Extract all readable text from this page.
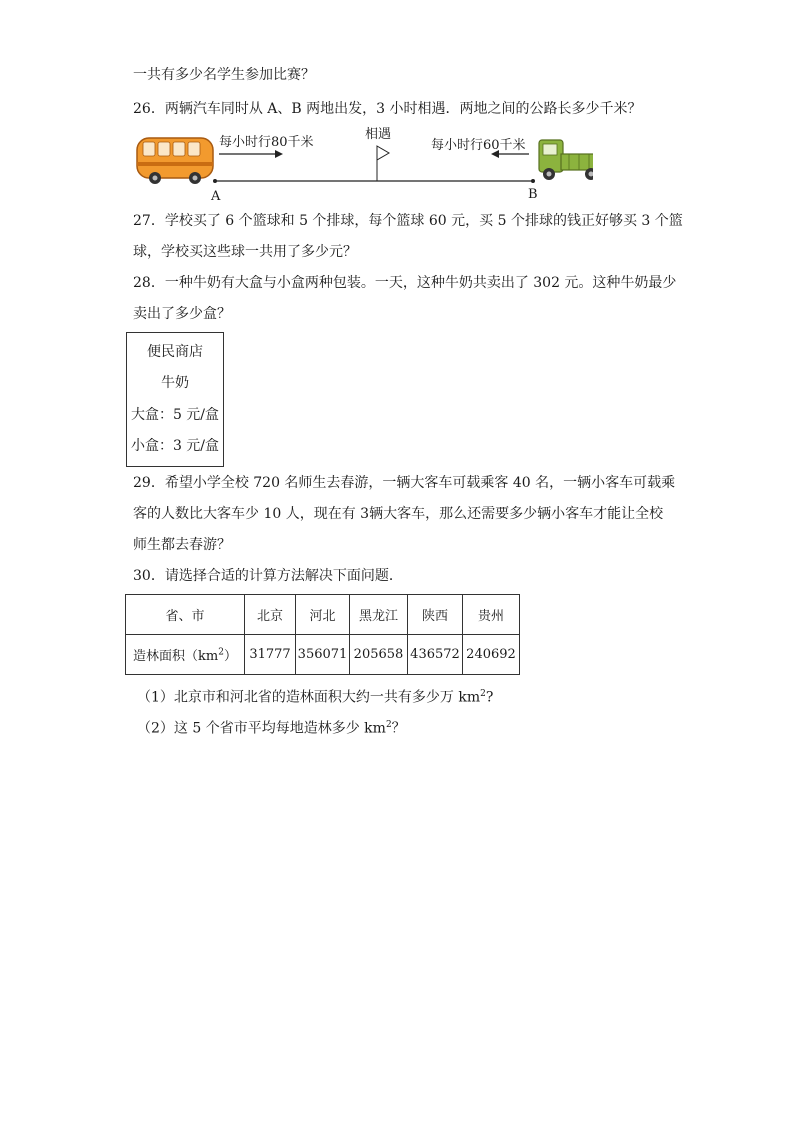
一共有多少名学生参加比赛？
26．两辆汽车同时从 A、B 两地出发，3 小时相遇．两地之间的公路长多少千米？
每小时行80千米	每小时行60千米
相遇
A	B
27．学校买了 6 个篮球和 5 个排球，每个篮球 60 元，买 5 个排球的钱正好够买 3 个篮
球，学校买这些球一共用了多少元？
28．一种牛奶有大盒与小盒两种包装。一天，这种牛奶共卖出了 302 元。这种牛奶最少
卖出了多少盒？
便民商店
牛奶
大盒：5 元/盒
小盒：3 元/盒
29．希望小学全校 720 名师生去春游，一辆大客车可载乘客 40 名，一辆小客车可载乘
客的人数比大客车少 10 人，现在有 3辆大客车，那么还需要多少辆小客车才能让全校
师生都去春游？
30．请选择合适的计算方法解决下面问题．
省、市	北京	河北	黑龙江	陕西	贵州
造林面积$(km^2)$	31777	356071	205658	436572	240692
（1）北京市和河北省的造林面积大约一共有多少万 $km^2$?
（2）这 5 个省市平均每地造林多少 $km^2$？
